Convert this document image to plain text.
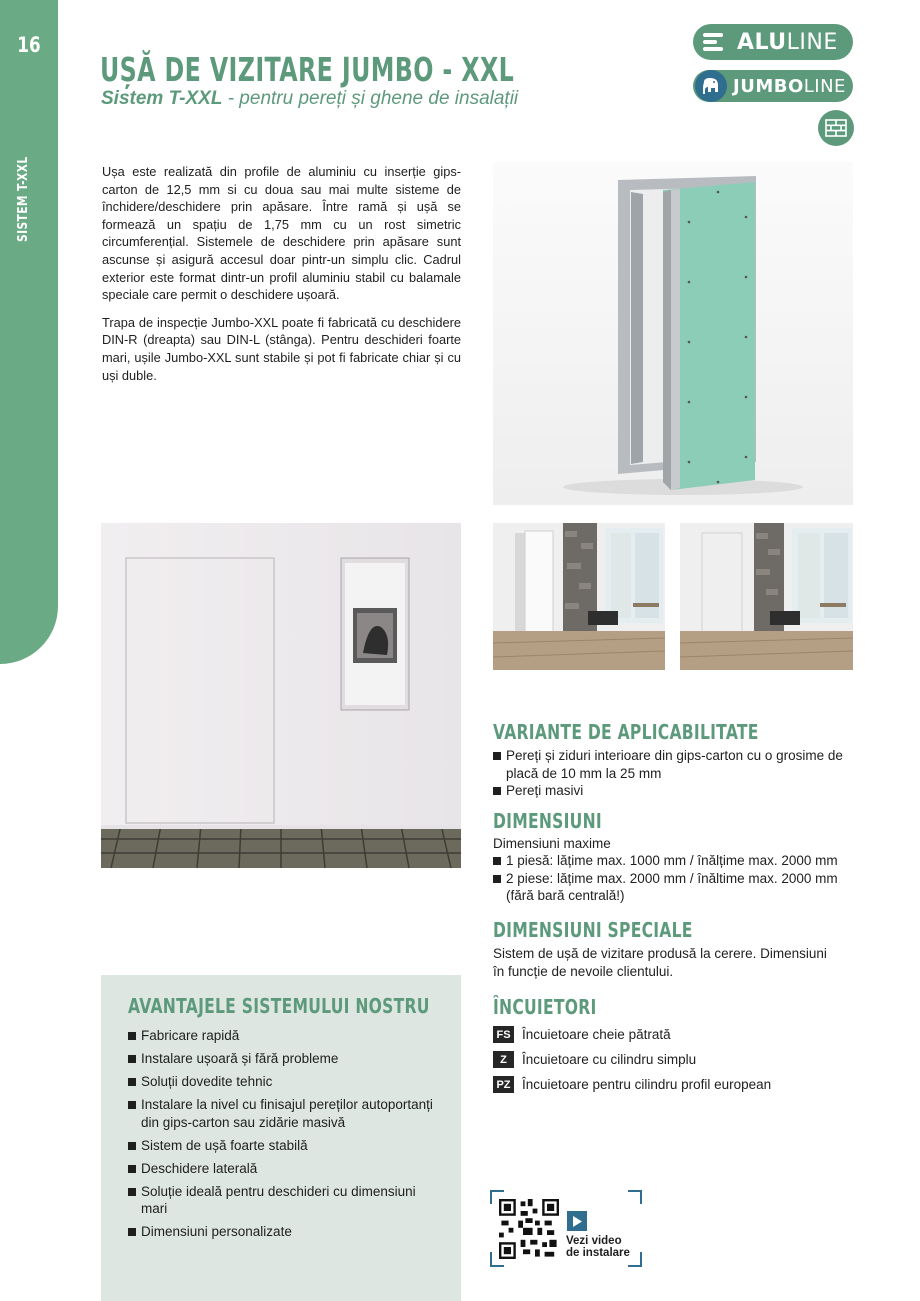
16
UȘĂ DE VIZITARE JUMBO - XXL
Sistem T-XXL - pentru pereți și ghene de insalații
ALULINE
JUMBOLINE

Ușa este realizată din profile de aluminiu cu inserție gips-carton de 12,5 mm si cu doua sau mai multe sisteme de închidere/deschidere prin apăsare. Între ramă și ușă se formează un spațiu de 1,75 mm cu un rost simetric circumferențial. Sistemele de deschidere prin apăsare sunt ascunse și asigură accesul doar pintr-un simplu clic. Cadrul exterior este format dintr-un profil aluminiu stabil cu balamale speciale care permit o deschidere ușoară.

Trapa de inspecție Jumbo-XXL poate fi fabricată cu deschidere DIN-R (dreapta) sau DIN-L (stânga). Pentru deschideri foarte mari, ușile Jumbo-XXL sunt stabile și pot fi fabricate chiar și cu uși duble.

VARIANTE DE APLICABILITATE
Pereți și ziduri interioare din gips-carton cu o grosime de placă de 10 mm la 25 mm
Pereți masivi
DIMENSIUNI
Dimensiuni maxime
1 piesă: lățime max. 1000 mm / înălțime max. 2000 mm
2 piese: lățime max. 2000 mm / înăltime max. 2000 mm (fără bară centrală!)
DIMENSIUNI SPECIALE
Sistem de ușă de vizitare produsă la cerere. Dimensiuni în funcție de nevoile clientului.
ÎNCUIETORI
FS Încuietoare cheie pătrată
Z	Încuietoare cu cilindru simplu
PZ Încuietoare pentru cilindru profil european
AVANTAJELE SISTEMULUI NOSTRU
Fabricare rapidă
Instalare ușoară și fără probleme
Soluții dovedite tehnic
Instalare la nivel cu finisajul pereților autoportanți din gips-carton sau zidărie masivă
Sistem de ușă foarte stabilă
Deschidere laterală
Soluție ideală pentru deschideri cu dimensiuni mari
Dimensiuni personalizate
Vezi video
de instalare
